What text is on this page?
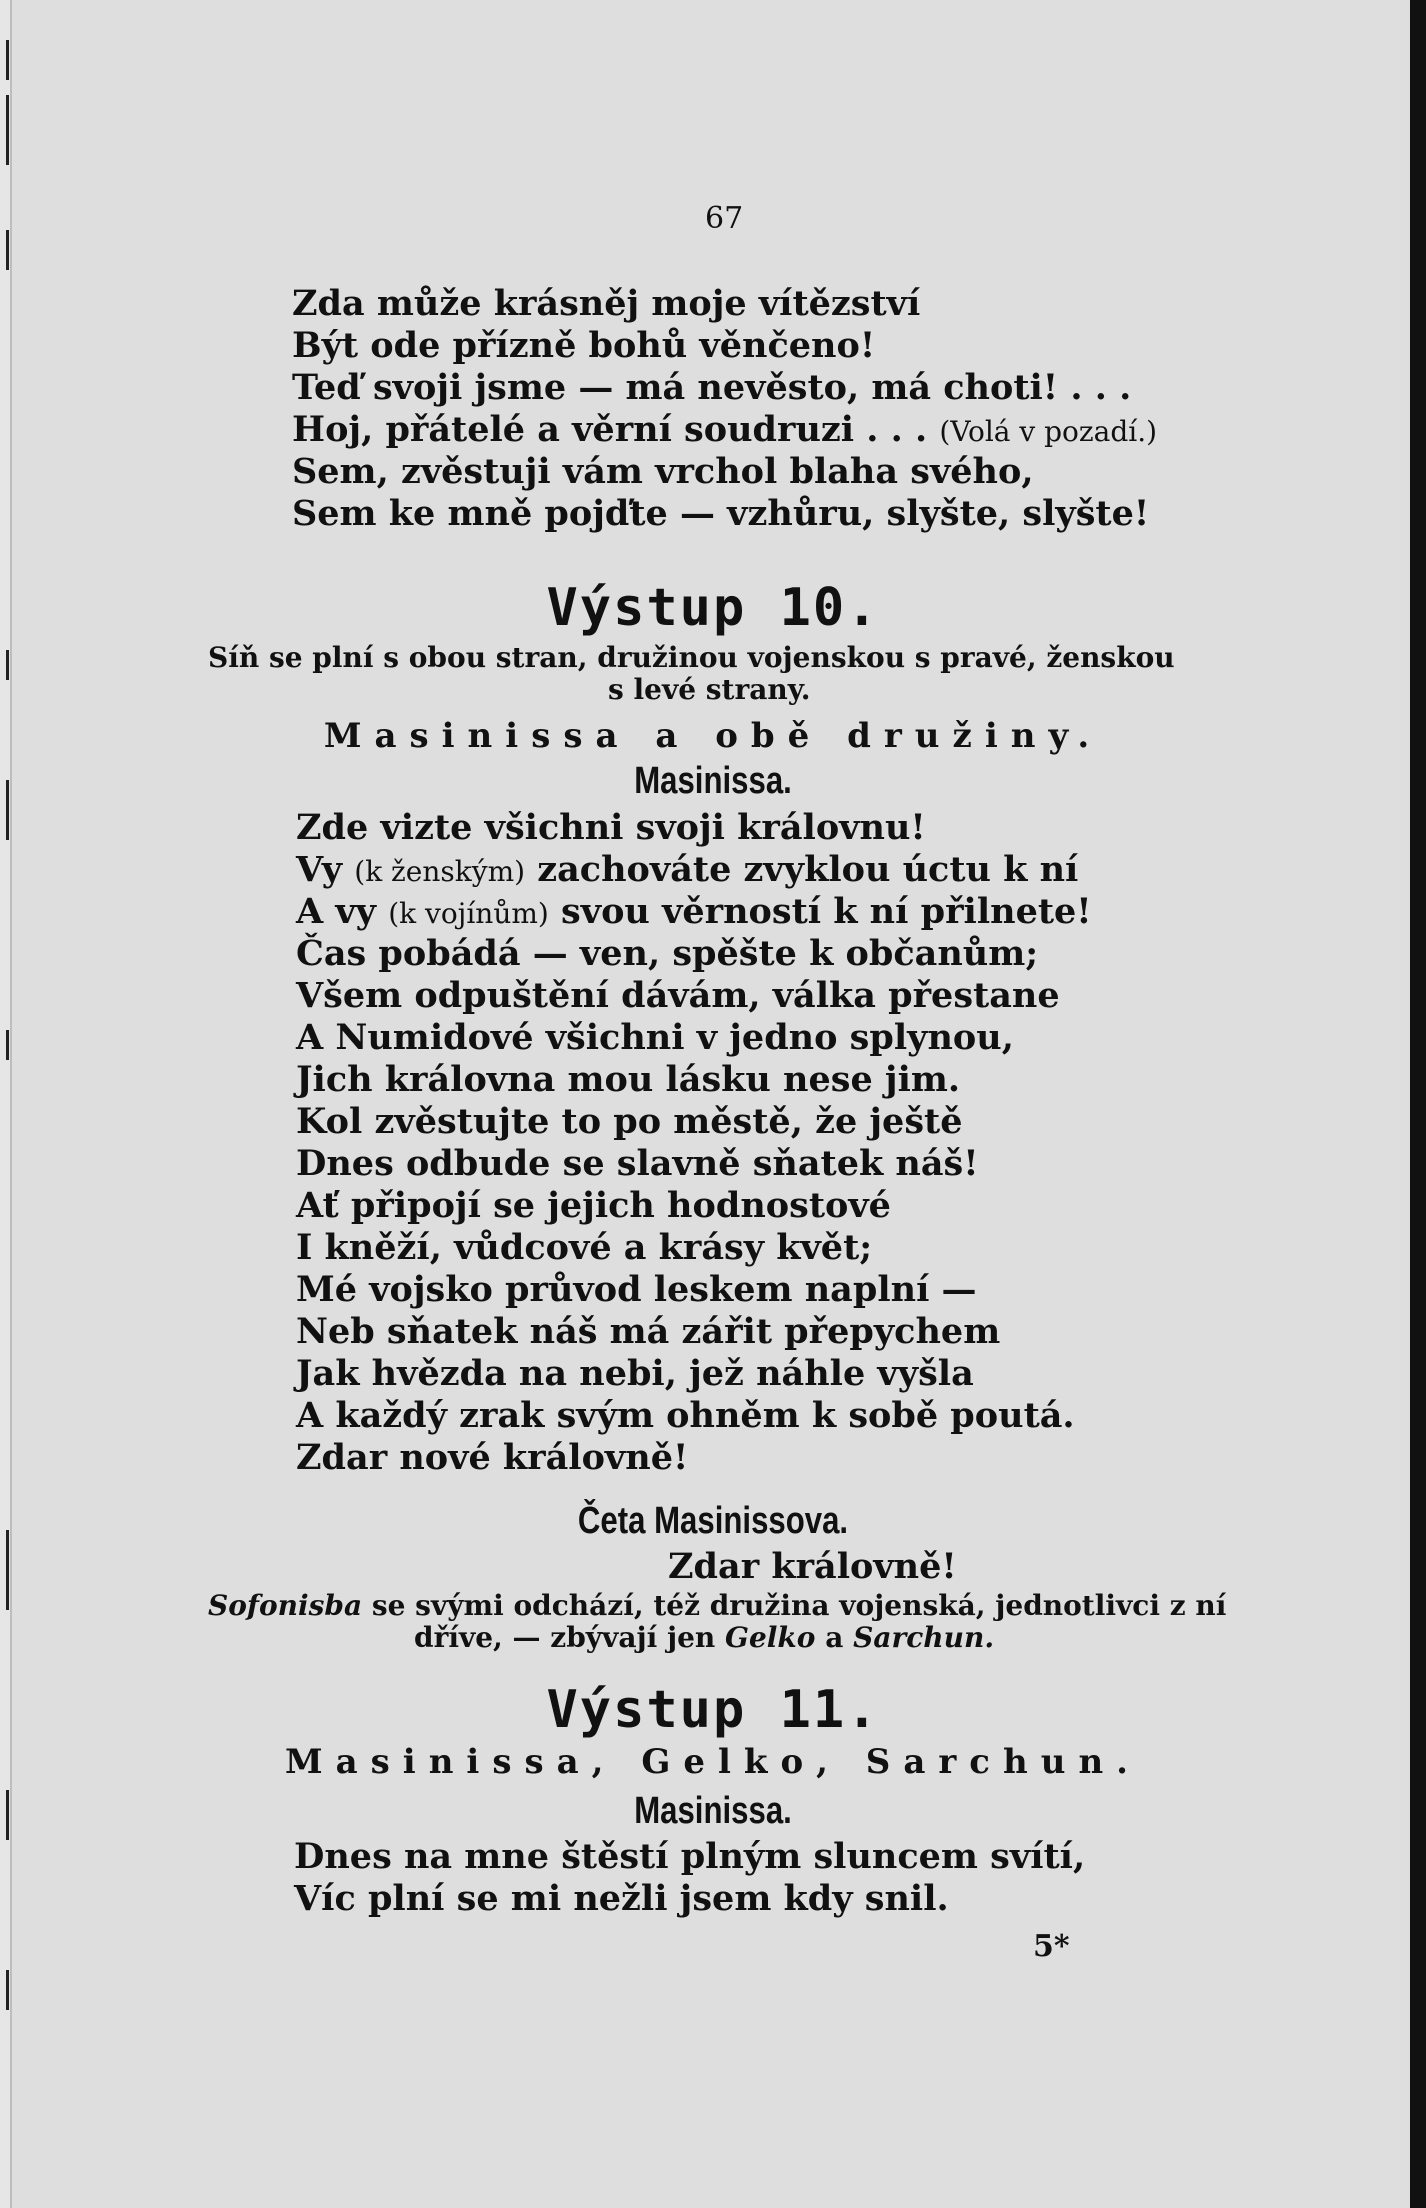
67
Zda může krásněj moje vítězství
Být ode přízně bohů věnčeno!
Teď svoji jsme — má nevěsto, má choti! . . .
Hoj, přátelé a věrní soudruzi . . . (Volá v pozadí.)
Sem, zvěstuji vám vrchol blaha svého,
Sem ke mně pojďte — vzhůru, slyšte, slyšte!
Výstup 10.
Síň se plní s obou stran, družinou vojenskou s pravé, ženskou
s levé strany.
Masinissa a obě družiny.
Masinissa.
Zde vizte všichni svoji královnu!
Vy (k ženským) zachováte zvyklou úctu k ní
A vy (k vojínům) svou věrností k ní přilnete!
Čas pobádá — ven, spěšte k občanům;
Všem odpuštění dávám, válka přestane
A Numidové všichni v jedno splynou,
Jich královna mou lásku nese jim.
Kol zvěstujte to po městě, že ještě
Dnes odbude se slavně sňatek náš!
Ať připojí se jejich hodnostové
I kněží, vůdcové a krásy květ;
Mé vojsko průvod leskem naplní —
Neb sňatek náš má zářit přepychem
Jak hvězda na nebi, jež náhle vyšla
A každý zrak svým ohněm k sobě poutá.
Zdar nové královně!
Četa Masinissova.
Zdar královně!
Sofonisba se svými odchází, též družina vojenská, jednotlivci z ní
dříve, — zbývají jen Gelko a Sarchun.
Výstup 11.
Masinissa, Gelko, Sarchun.
Masinissa.
Dnes na mne štěstí plným sluncem svítí,
Víc plní se mi nežli jsem kdy snil.
5*
